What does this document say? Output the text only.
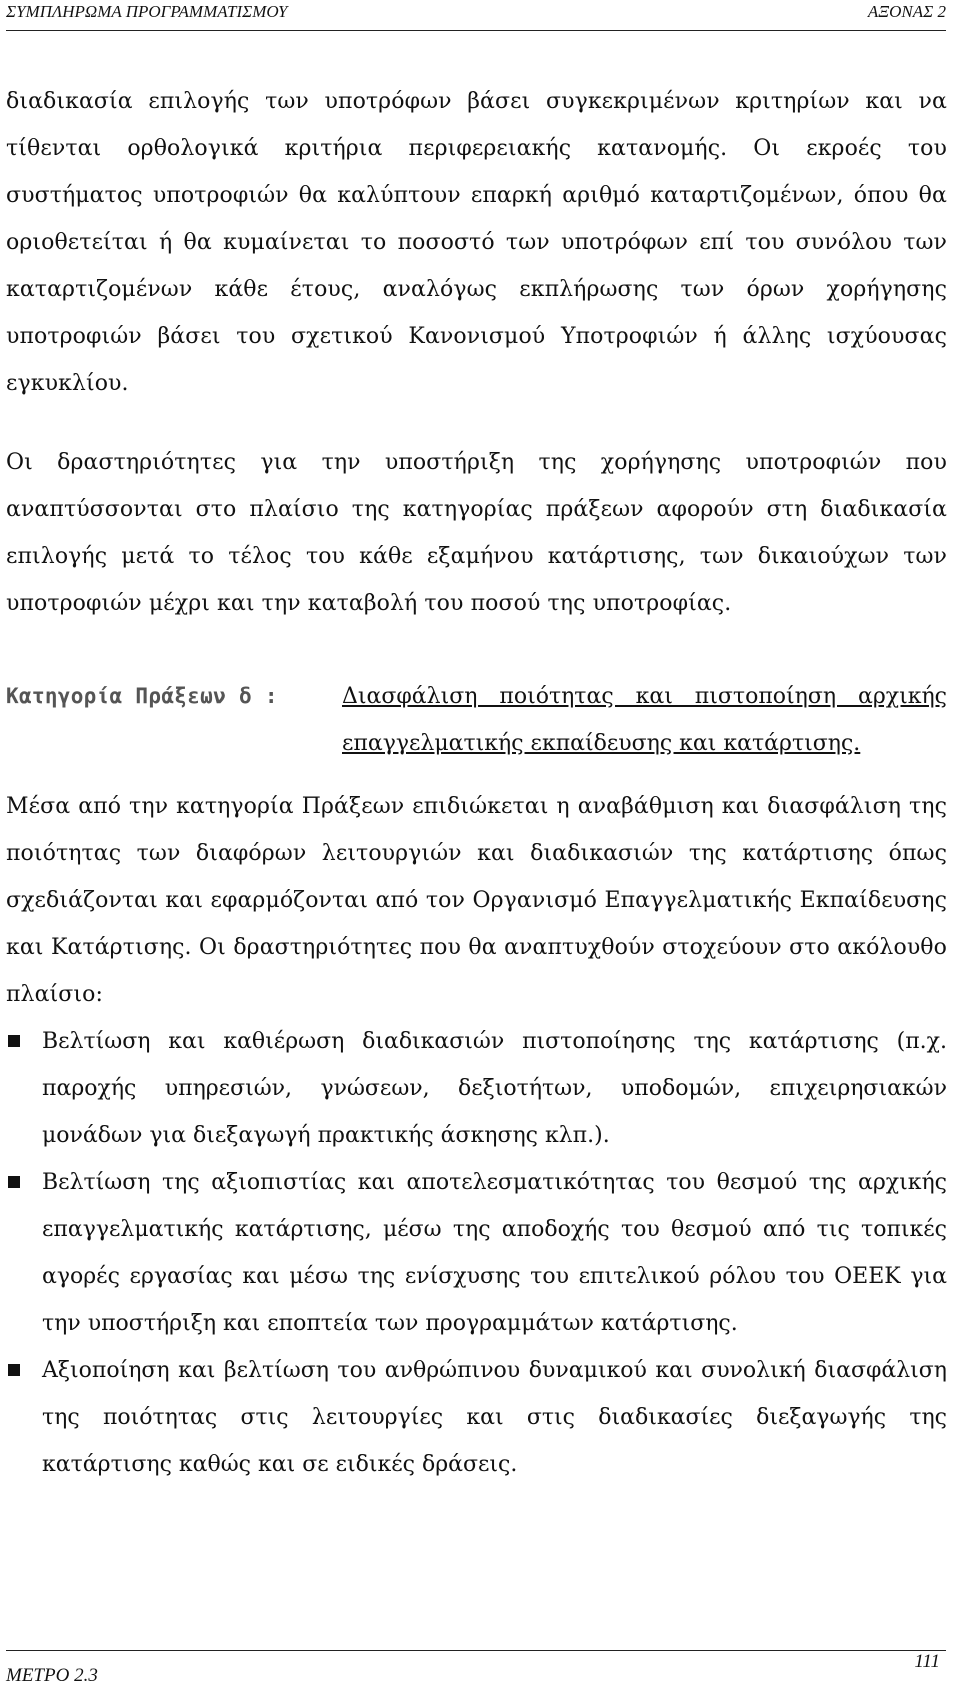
ΣΥΜΠΛΗΡΩΜΑ ΠΡΟΓΡΑΜΜΑΤΙΣΜΟΥ	ΑΞΟΝΑΣ 2

διαδικασία επιλογής των υποτρόφων βάσει συγκεκριμένων κριτηρίων και να τίθενται ορθολογικά κριτήρια περιφερειακής κατανομής. Οι εκροές του συστήματος υποτροφιών θα καλύπτουν επαρκή αριθμό καταρτιζομένων, όπου θα οριοθετείται ή θα κυμαίνεται το ποσοστό των υποτρόφων επί του συνόλου των καταρτιζομένων κάθε έτους, αναλόγως εκπλήρωσης των όρων χορήγησης υποτροφιών βάσει του σχετικού Κανονισμού Υποτροφιών ή άλλης ισχύουσας εγκυκλίου.

Οι δραστηριότητες για την υποστήριξη της χορήγησης υποτροφιών που αναπτύσσονται στο πλαίσιο της κατηγορίας πράξεων αφορούν στη διαδικασία επιλογής μετά το τέλος του κάθε εξαμήνου κατάρτισης, των δικαιούχων των υποτροφιών μέχρι και την καταβολή του ποσού της υποτροφίας.

Κατηγορία Πράξεων δ :	Διασφάλιση ποιότητας και πιστοποίηση αρχικής επαγγελματικής εκπαίδευσης και κατάρτισης.

Μέσα από την κατηγορία Πράξεων επιδιώκεται η αναβάθμιση και διασφάλιση της ποιότητας των διαφόρων λειτουργιών και διαδικασιών της κατάρτισης όπως σχεδιάζονται και εφαρμόζονται από τον Οργανισμό Επαγγελματικής Εκπαίδευσης και Κατάρτισης. Οι δραστηριότητες που θα αναπτυχθούν στοχεύουν στο ακόλουθο πλαίσιο:

Βελτίωση και καθιέρωση διαδικασιών πιστοποίησης της κατάρτισης (π.χ. παροχής υπηρεσιών, γνώσεων, δεξιοτήτων, υποδομών, επιχειρησιακών μονάδων για διεξαγωγή πρακτικής άσκησης κλπ.).
Βελτίωση της αξιοπιστίας και αποτελεσματικότητας του θεσμού της αρχικής επαγγελματικής κατάρτισης, μέσω της αποδοχής του θεσμού από τις τοπικές αγορές εργασίας και μέσω της ενίσχυσης του επιτελικού ρόλου του ΟΕΕΚ για την υποστήριξη και εποπτεία των προγραμμάτων κατάρτισης.
Αξιοποίηση και βελτίωση του ανθρώπινου δυναμικού και συνολική διασφάλιση της ποιότητας στις λειτουργίες και στις διαδικασίες διεξαγωγής της κατάρτισης καθώς και σε ειδικές δράσεις.
ΜΕΤΡΟ 2.3
111
